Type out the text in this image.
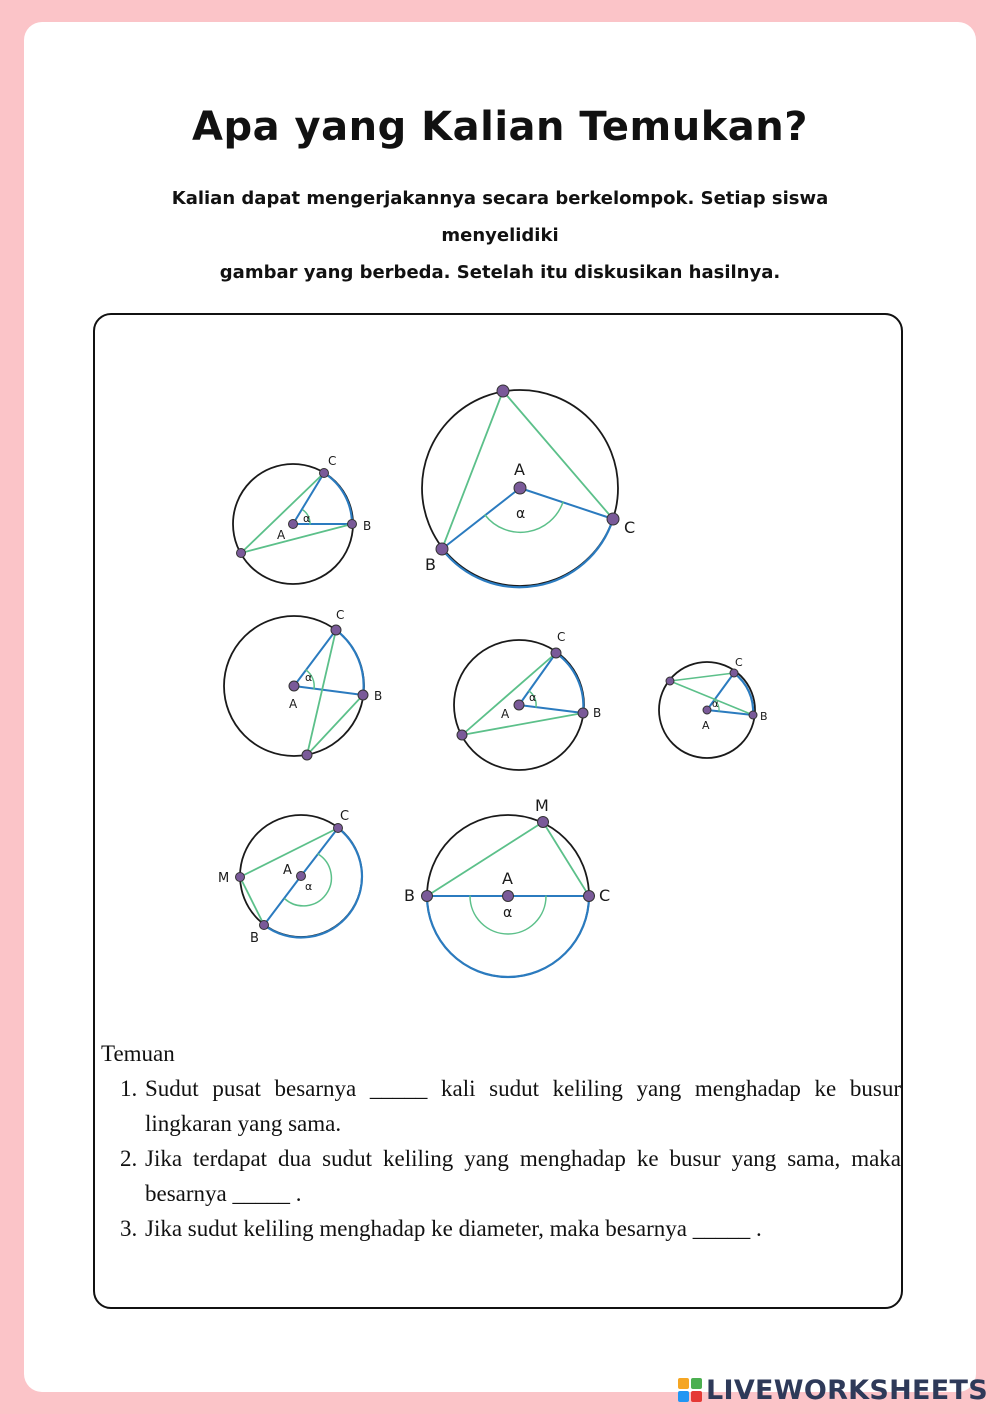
Apa yang Kalian Temukan?
Kalian dapat mengerjakannya secara berkelompok. Setiap siswa menyelidiki
gambar yang berbeda. Setelah itu diskusikan hasilnya.
C
B
A
α
C
B
A
α
C
B
A
α
C
B
A
α
C
M
B
A
α
A
C
B
α
M
A
B	C
α
Temuan
1. Sudut pusat besarnya _____ kali sudut keliling yang menghadap ke busur lingkaran yang sama.
2. Jika terdapat dua sudut keliling yang menghadap ke busur yang sama, maka besarnya _____ .
3. Jika sudut keliling menghadap ke diameter, maka besarnya _____ .
LIVEWORKSHEETS
